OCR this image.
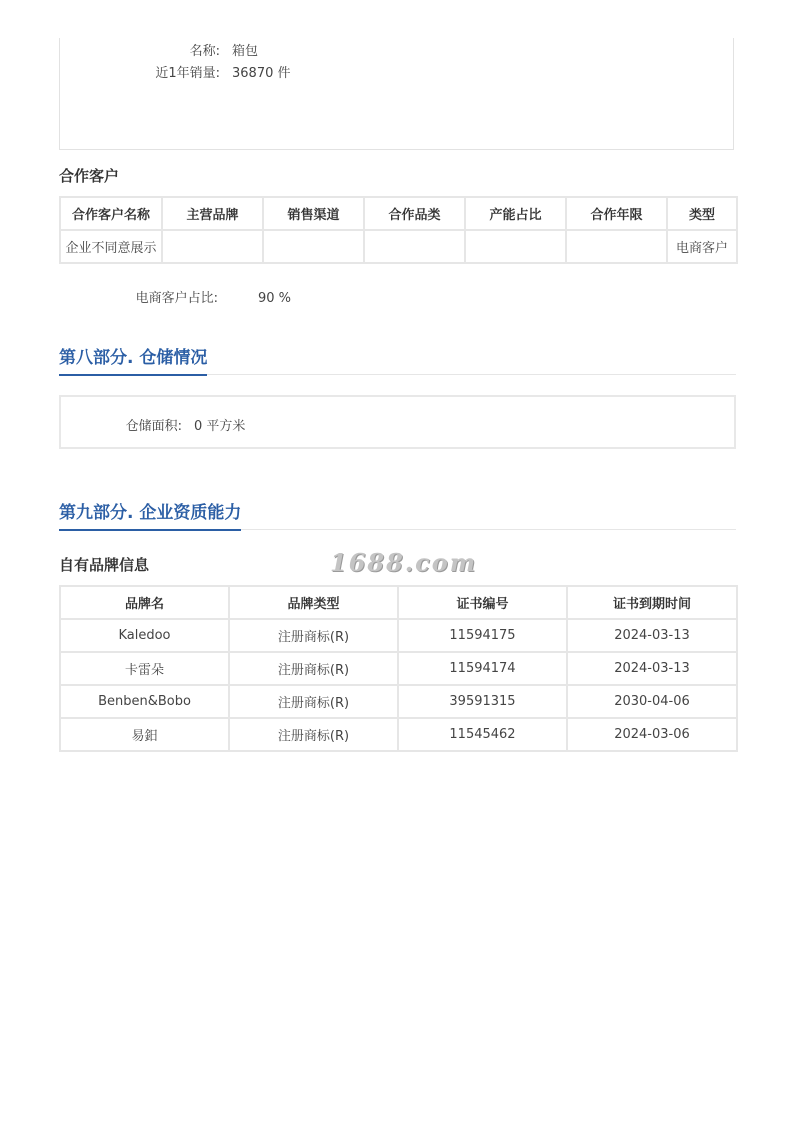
名称: 箱包
近1年销量: 36870 件
合作客户
合作客户名称	主营品牌	销售渠道	合作品类	产能占比	合作年限	类型
企业不同意展示						电商客户
电商客户占比:	90 %
第八部分. 仓储情况
仓储面积: 0 平方米
第九部分. 企业资质能力
自有品牌信息	1688.com
品牌名	品牌类型	证书编号	证书到期时间
Kaledoo	注册商标(R)	11594175	2024-03-13
卡雷朵	注册商标(R)	11594174	2024-03-13
Benben&Bobo	注册商标(R)	39591315	2030-04-06
易鈤	注册商标(R)	11545462	2024-03-06
